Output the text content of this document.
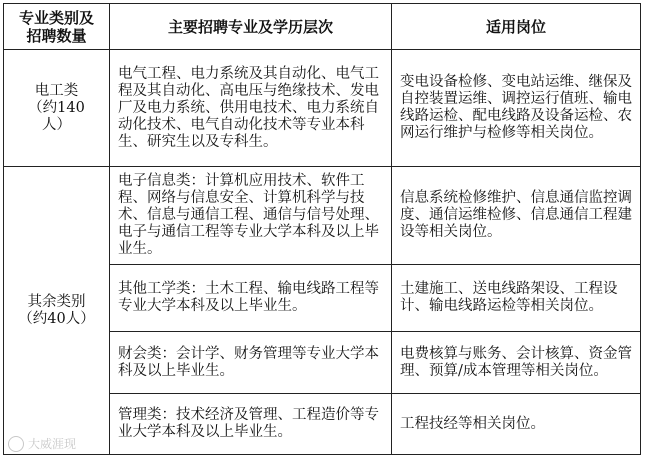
专业类别及
招聘数量	主要招聘专业及学历层次	适用岗位

电工类
（约140
人）	电气工程、电力系统及其自动化、电气工程及其自动化、高电压与绝缘技术、发电厂及电力系统、供用电技术、电力系统自动化技术、电气自动化技术等专业本科生、研究生以及专科生。	变电设备检修、变电站运维、继保及自控装置运维、调控运行值班、输电线路运检、配电线路及设备运检、农网运行维护与检修等相关岗位。

其余类别
（约40人）	电子信息类：计算机应用技术、软件工程、网络与信息安全、计算机科学与技术、信息与通信工程、通信与信号处理、电子与通信工程等专业大学本科及以上毕业生。	信息系统检修维护、信息通信监控调度、通信运维检修、信息通信工程建设等相关岗位。
	其他工学类：土木工程、输电线路工程等专业大学本科及以上毕业生。	土建施工、送电线路架设、工程设计、输电线路运检等相关岗位。
	财会类：会计学、财务管理等专业大学本科及以上毕业生。	电费核算与账务、会计核算、资金管理、预算/成本管理等相关岗位。
	管理类：技术经济及管理、工程造价等专业大学本科及以上毕业生。	工程技经等相关岗位。
大威涯现
